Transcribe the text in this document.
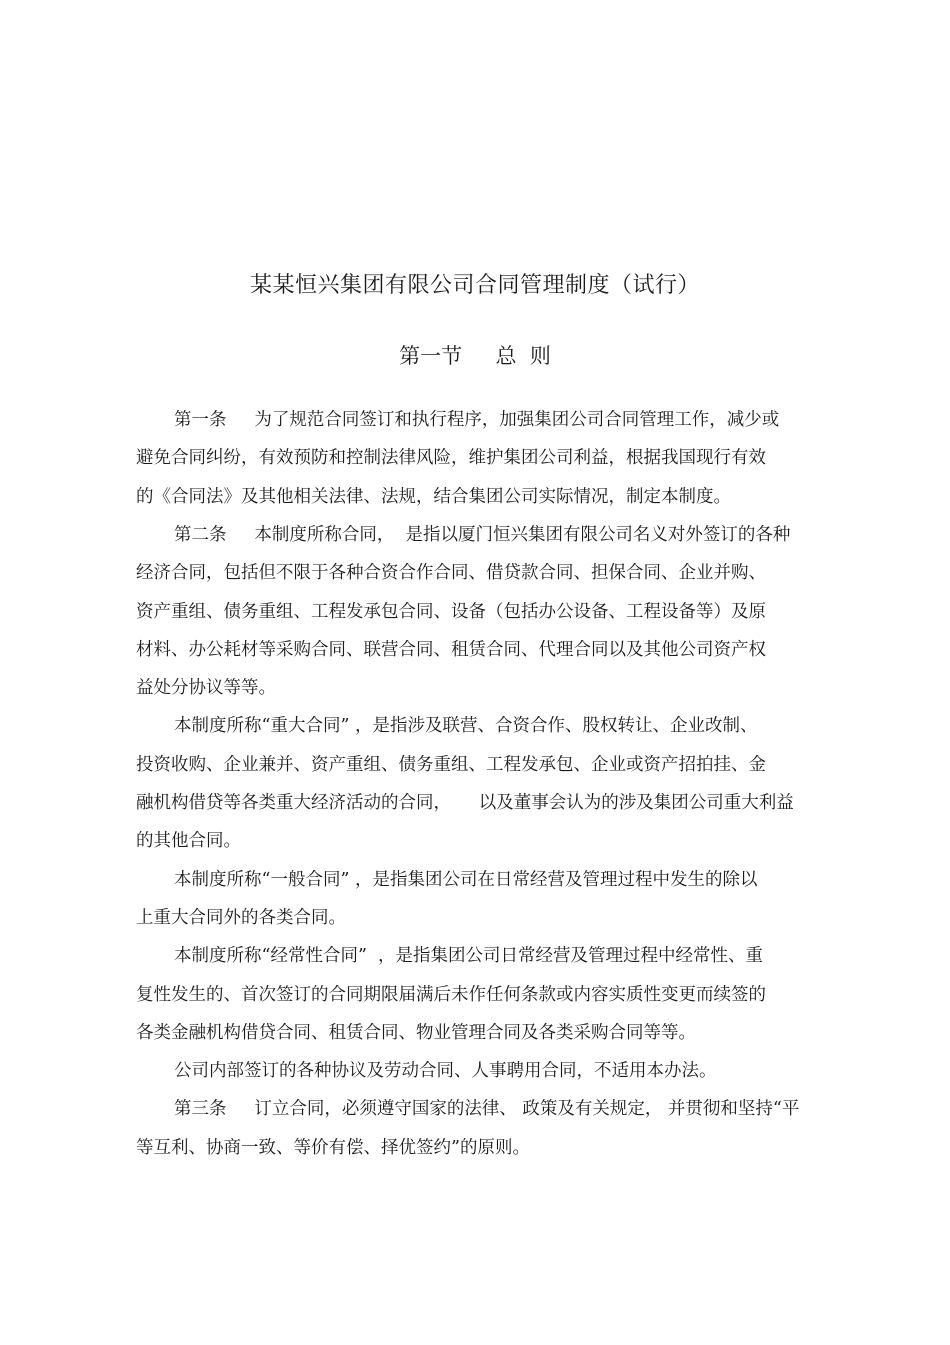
某某恒兴集团有限公司合同管理制度（试行）
第一节     总  则
第一条     为了规范合同签订和执行程序，加强集团公司合同管理工作，减少或
避免合同纠纷，有效预防和控制法律风险，维护集团公司利益，根据我国现行有效
的《合同法》及其他相关法律、法规，结合集团公司实际情况，制定本制度。
第二条     本制度所称合同，  是指以厦门恒兴集团有限公司名义对外签订的各种
经济合同，包括但不限于各种合资合作合同、借贷款合同、担保合同、企业并购、
资产重组、债务重组、工程发承包合同、设备（包括办公设备、工程设备等）及原
材料、办公耗材等采购合同、联营合同、租赁合同、代理合同以及其他公司资产权
益处分协议等等。
本制度所称“重大合同” ，是指涉及联营、合资合作、股权转让、企业改制、
投资收购、企业兼并、资产重组、债务重组、工程发承包、企业或资产招拍挂、金
融机构借贷等各类重大经济活动的合同，     以及董事会认为的涉及集团公司重大利益
的其他合同。
本制度所称“一般合同” ，是指集团公司在日常经营及管理过程中发生的除以
上重大合同外的各类合同。
本制度所称“经常性合同”  ，是指集团公司日常经营及管理过程中经常性、重
复性发生的、首次签订的合同期限届满后未作任何条款或内容实质性变更而续签的
各类金融机构借贷合同、租赁合同、物业管理合同及各类采购合同等等。
公司内部签订的各种协议及劳动合同、人事聘用合同，不适用本办法。
第三条     订立合同，必须遵守国家的法律、 政策及有关规定， 并贯彻和坚持“平
等互利、协商一致、等价有偿、择优签约”的原则。
